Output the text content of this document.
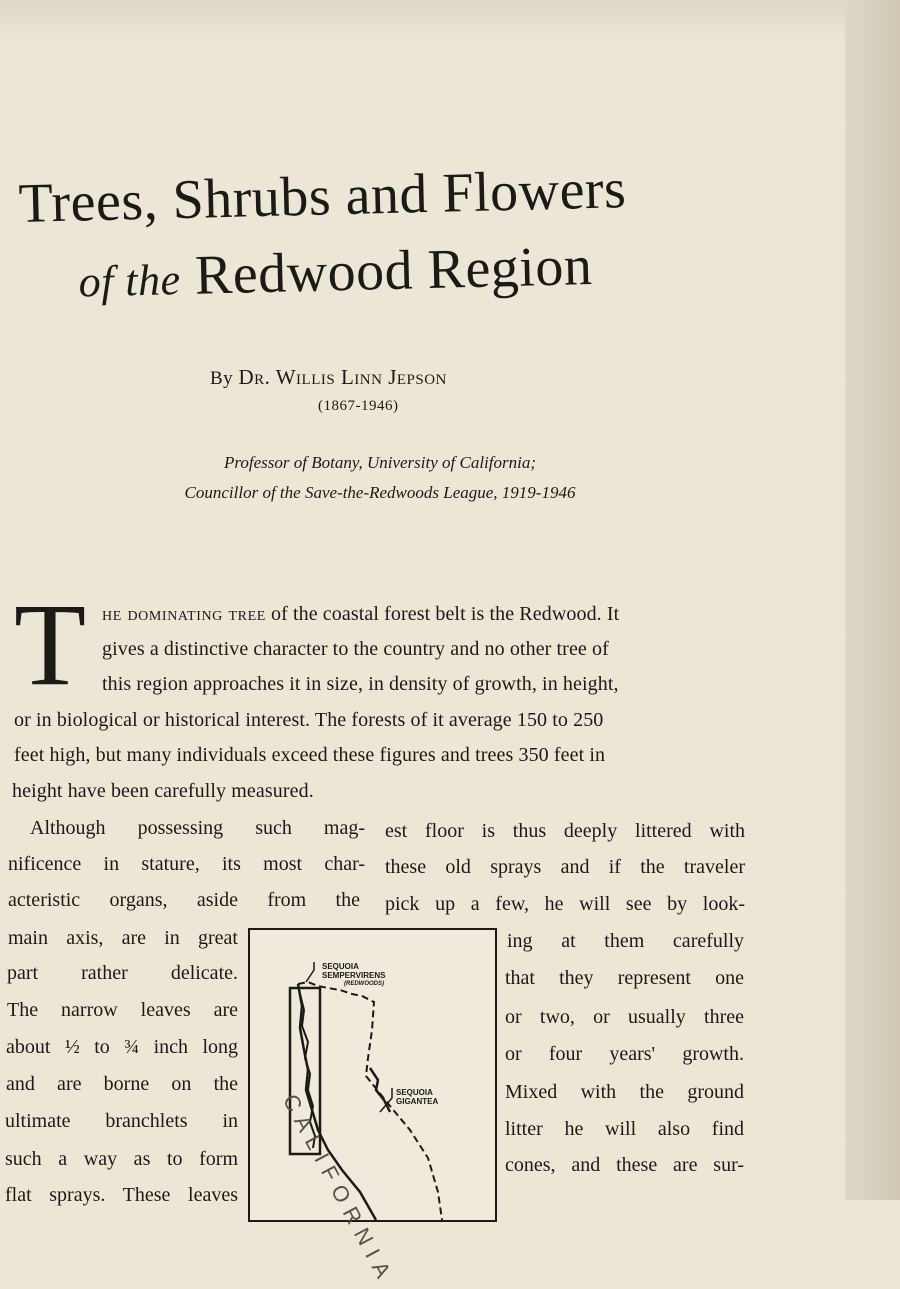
Trees, Shrubs and Flowers
of the Redwood Region
By Dr. Willis Linn Jepson
(1867-1946)
Professor of Botany, University of California;
Councillor of the Save-the-Redwoods League, 1919-1946
T he dominating tree of the coastal forest belt is the Redwood. It
gives a distinctive character to the country and no other tree of
this region approaches it in size, in density of growth, in height,
or in biological or historical interest. The forests of it average 150 to 250
feet high, but many individuals exceed these figures and trees 350 feet in
height have been carefully measured.
Although possessing such mag-
nificence in stature, its most char-
acteristic organs, aside from the
main axis, are in great
part rather delicate.
The narrow leaves are
about ½ to ¾ inch long
and are borne on the
ultimate branchlets in
such a way as to form
flat sprays. These leaves
est floor is thus deeply littered with
these old sprays and if the traveler
pick up a few, he will see by look-
ing at them carefully
that they represent one
or two, or usually three
or four years' growth.
Mixed with the ground
litter he will also find
cones, and these are sur-
SEQUOIA
SEMPERVIRENS
(REDWOODS)
SEQUOIA
GIGANTEA
CALIFORNIA
